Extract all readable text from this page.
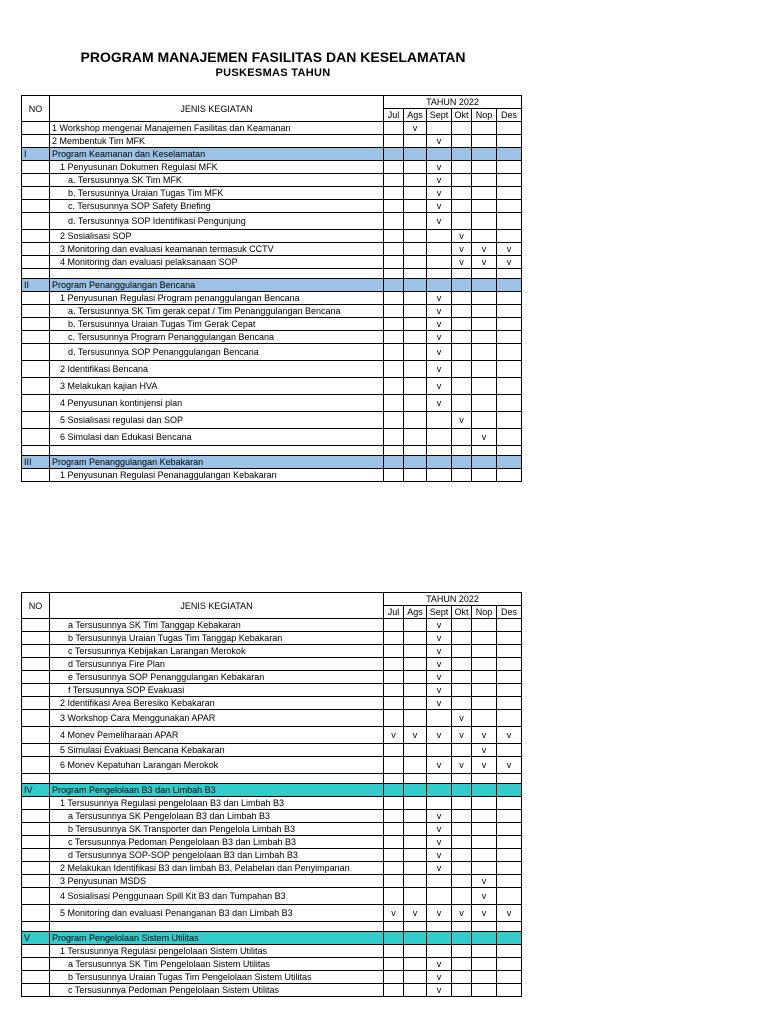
PROGRAM MANAJEMEN FASILITAS DAN KESELAMATAN
PUSKESMAS TAHUN
NO	JENIS KEGIATAN	TAHUN 2022					
		Jul	Ags	Sept	Okt	Nop	Des
	1 Workshop mengenai Manajemen Fasilitas dan Keamanan		v				
	2 Membentuk Tim MFK			v			
I	Program Keamanan dan Keselamatan						
	1 Penyusunan Dokumen Regulasi MFK			v			
	a. Tersusunnya SK Tim MFK			v			
	b. Tersusunnya Uraian Tugas Tim MFK			v			
	c. Tersusunnya SOP Safety Briefing			v			
	d. Tersusunnya SOP Identifikasi Pengunjung			v			
	2 Sosialisasi SOP				v		
	3 Monitoring dan evaluasi keamanan termasuk CCTV				v	v	v
	4 Monitoring dan evaluasi pelaksanaan SOP				v	v	v

II	Program Penanggulangan Bencana						
	1 Penyusunan Regulasi Program penanggulangan Bencana			v			
	a. Tersusunnya SK Tim gerak cepat / Tim Penanggulangan Bencana			v			
	b. Tersusunnya Uraian Tugas Tim Gerak Cepat			v			
	c. Tersusunnya Program Penanggulangan Bencana			v			
	d. Tersusunnya SOP Penanggulangan Bencana			v			
	2 Identifikasi Bencana			v			
	3 Melakukan kajian HVA			v			
	4 Penyusunan kontinjensi plan			v			
	5 Sosialisasi regulasi dan SOP				v		
	6 Simulasi dan Edukasi Bencana					v	

III	Program Penanggulangan Kebakaran						
	1 Penyusunan Regulasi Penanaggulangan Kebakaran						
NO	JENIS KEGIATAN	TAHUN 2022					
		Jul	Ags	Sept	Okt	Nop	Des
	a Tersusunnya SK Tim Tanggap Kebakaran			v			
	b Tersusunnya Uraian Tugas Tim Tanggap Kebakaran			v			
	c Tersusunnya Kebijakan Larangan Merokok			v			
	d Tersusunnya Fire Plan			v			
	e Tersusunnya SOP Penanggulangan Kebakaran			v			
	f Tersusunnya SOP Evakuasi			v			
	2 Identifikasi Area Beresiko Kebakaran			v			
	3 Workshop Cara Menggunakan APAR				v		
	4 Monev Pemeliharaan APAR	v	v	v	v	v	v
	5 Simulasi Evakuasi Bencana Kebakaran					v	
	6 Monev Kepatuhan Larangan Merokok			v	v	v	v

IV	Program Pengelolaan B3 dan Limbah B3						
	1 Tersusunnya Regulasi pengelolaan B3 dan Limbah B3						
	a Tersusunnya SK Pengelolaan B3 dan Limbah B3			v			
	b Tersusunnya SK Transporter dan Pengelola Limbah B3			v			
	c Tersusunnya Pedoman Pengelolaan B3 dan Limbah B3			v			
	d Tersusunnya SOP-SOP pengelolaan B3 dan Limbah B3			v			
	2 Melakukan Identifikasi B3 dan limbah B3, Pelabelan dan Penyimpanan			v			
	3 Penyusunan MSDS					v	
	4 Sosialisasi Penggunaan Spill Kit B3 dan Tumpahan B3					v	
	5 Monitoring dan evaluasi Penanganan B3 dan Limbah B3	v	v	v	v	v	v

V	Program Pengelolaan Sistem Utilitas						
	1 Tersusunnya Regulasi pengelolaan Sistem Utilitas						
	a Tersusunnya SK Tim Pengelolaan Sistem Utilitas			v			
	b Tersusunnya Uraian Tugas Tim Pengelolaan Sistem Utilitas			v			
	c Tersusunnya Pedoman Pengelolaan Sistem Utilitas			v			
